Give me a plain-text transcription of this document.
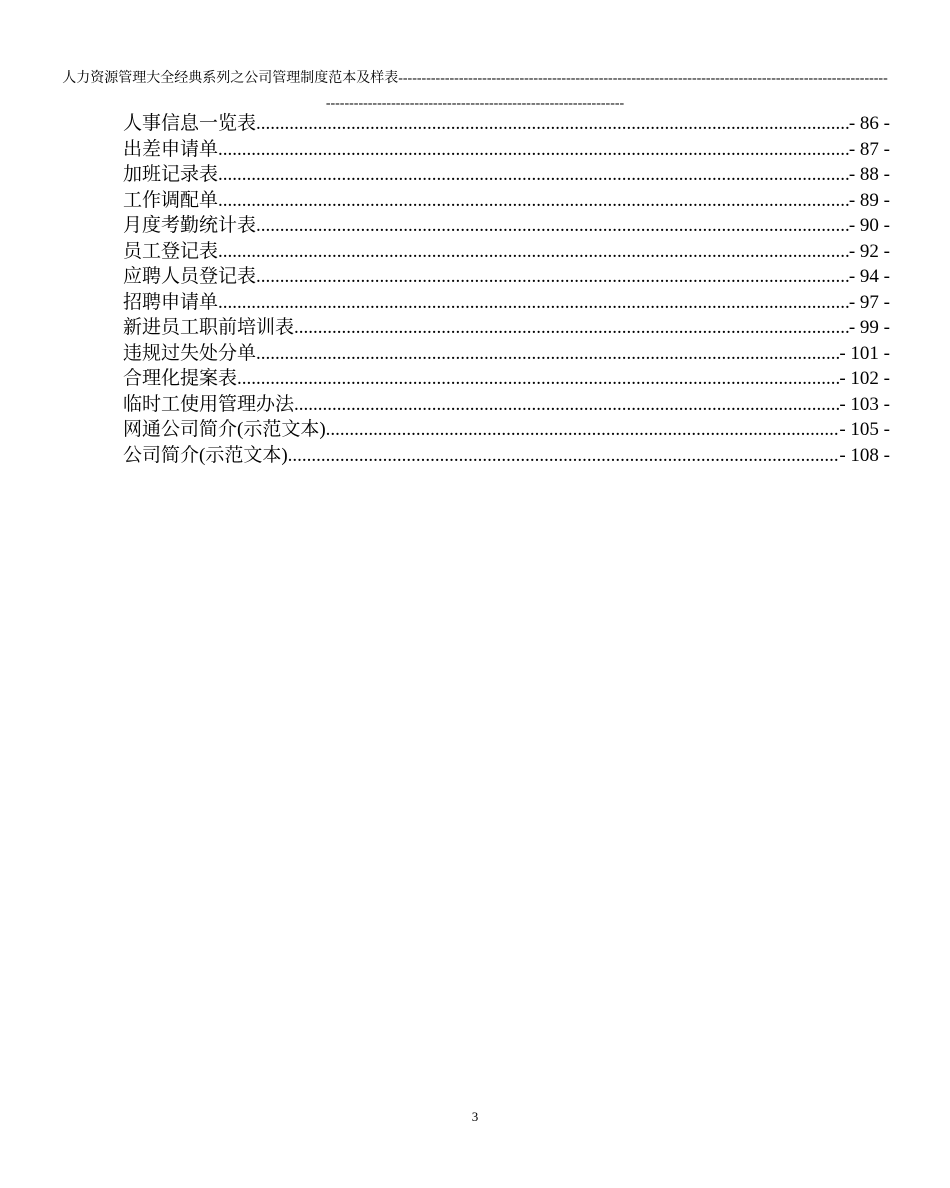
人力资源管理大全经典系列之公司管理制度范本及样表-------------------------------------------------------------------------------------------------------------------------------------------------------------------------
人事信息一览表 .....	- 86 -
出差申请单 .....	- 87 -
加班记录表 .....	- 88 -
工作调配单 .....	- 89 -
月度考勤统计表 .....	- 90 -
员工登记表 .....	- 92 -
应聘人员登记表 .....	- 94 -
招聘申请单 .....	- 97 -
新进员工职前培训表 .....	- 99 -
违规过失处分单 .....	- 101 -
合理化提案表 .....	- 102 -
临时工使用管理办法 .....	- 103 -
网通公司简介(示范文本) .....	- 105 -
公司简介(示范文本) .....	- 108 -
3
